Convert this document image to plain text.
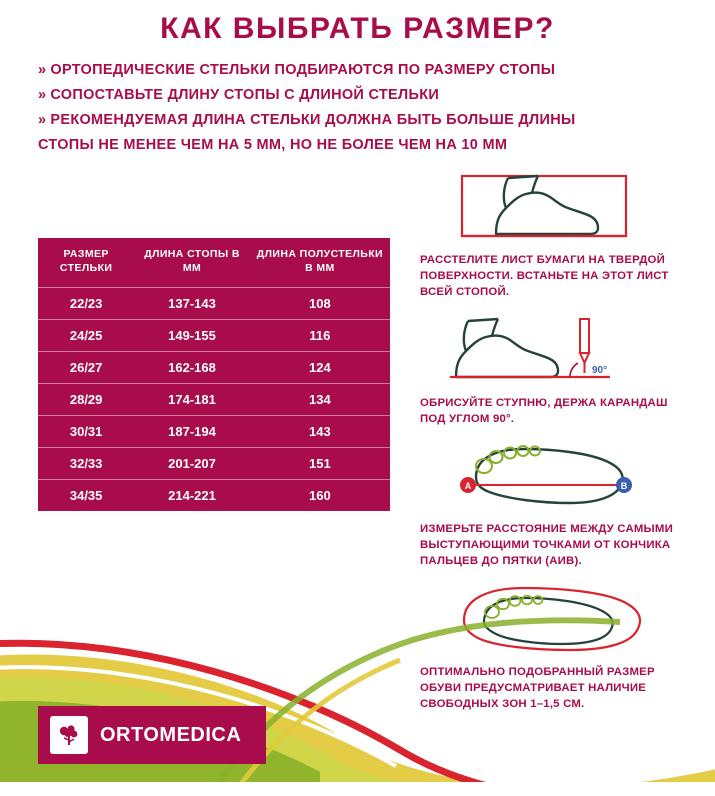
КАК ВЫБРАТЬ РАЗМЕР?
» ОРТОПЕДИЧЕСКИЕ СТЕЛЬКИ ПОДБИРАЮТСЯ ПО РАЗМЕРУ СТОПЫ
» СОПОСТАВЬТЕ ДЛИНУ СТОПЫ С ДЛИНОЙ СТЕЛЬКИ
» РЕКОМЕНДУЕМАЯ ДЛИНА СТЕЛЬКИ ДОЛЖНА БЫТЬ БОЛЬШЕ ДЛИНЫ
СТОПЫ НЕ МЕНЕЕ ЧЕМ НА 5 ММ, НО НЕ БОЛЕЕ ЧЕМ НА 10 ММ
РАЗМЕР СТЕЛЬКИ	ДЛИНА СТОПЫ В ММ	ДЛИНА ПОЛУСТЕЛЬКИ В ММ
22/23	137-143	108
24/25	149-155	116
26/27	162-168	124
28/29	174-181	134
30/31	187-194	143
32/33	201-207	151
34/35	214-221	160
РАССТЕЛИТЕ ЛИСТ БУМАГИ НА ТВЕРДОЙ ПОВЕРХНОСТИ. ВСТАНЬТЕ НА ЭТОТ ЛИСТ ВСЕЙ СТОПОЙ.
90°
ОБРИСУЙТЕ СТУПНЮ, ДЕРЖА КАРАНДАШ ПОД УГЛОМ 90°.
A	B
ИЗМЕРЬТЕ РАССТОЯНИЕ МЕЖДУ САМЫМИ ВЫСТУПАЮЩИМИ ТОЧКАМИ ОТ КОНЧИКА ПАЛЬЦЕВ ДО ПЯТКИ (АИВ).
ОПТИМАЛЬНО ПОДОБРАННЫЙ РАЗМЕР ОБУВИ ПРЕДУСМАТРИВАЕТ НАЛИЧИЕ СВОБОДНЫХ ЗОН 1–1,5 СМ.
ORTOMEDICA
